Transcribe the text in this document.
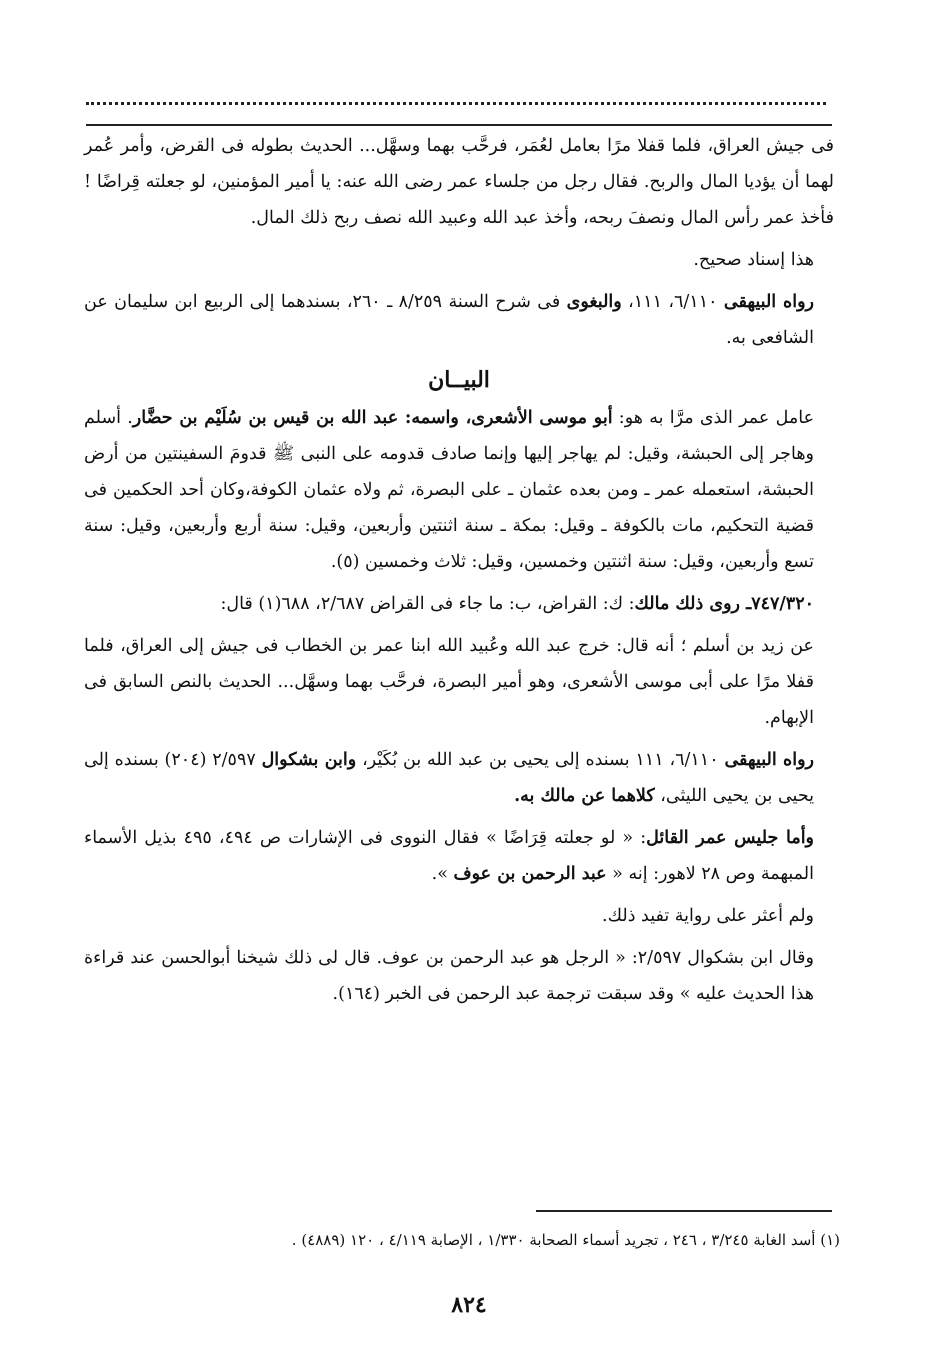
فى جيش العراق، فلما قفلا مرًا بعامل لعُمَر، فرحَّب بهما وسهَّل... الحديث بطوله فى القرض، وأمر عُمر لهما أن يؤديا المال والربح. فقال رجل من جلساء عمر رضى الله عنه: يا أمير المؤمنين، لو جعلته قِراضًا ! فأخذ عمر رأس المال ونصفَ ربحه، وأخذ عبد الله وعبيد الله نصف ربح ذلك المال.

هذا إسناد صحيح.

رواه البيهقى ٦/١١٠، ١١١، والبغوى فى شرح السنة ٨/٢٥٩ ـ ٢٦٠، بسندهما إلى الربيع ابن سليمان عن الشافعى به.

البيــان

عامل عمر الذى مرَّا به هو: أبو موسى الأشعرى، واسمه: عبد الله بن قيس بن سُلَيْم بن حضَّار. أسلم وهاجر إلى الحبشة، وقيل: لم يهاجر إليها وإنما صادف قدومه على النبى ﷺ قدومَ السفينتين من أرض الحبشة، استعمله عمر ـ ومن بعده عثمان ـ على البصرة، ثم ولاه عثمان الكوفة،وكان أحد الحكمين فى قضية التحكيم، مات بالكوفة ـ وقيل: بمكة ـ سنة اثنتين وأربعين، وقيل: سنة أربع وأربعين، وقيل: سنة تسع وأربعين، وقيل: سنة اثنتين وخمسين، وقيل: ثلاث وخمسين (٥).

٧٤٧/٣٢٠ـ روى ذلك مالك: ك: القراض، ب: ما جاء فى القراض ٢/٦٨٧، ٦٨٨(١) قال:

عن زيد بن أسلم ؛ أنه قال: خرج عبد الله وعُبيد الله ابنا عمر بن الخطاب فى جيش إلى العراق، فلما قفلا مرًا على أبى موسى الأشعرى، وهو أمير البصرة، فرحَّب بهما وسهَّل... الحديث بالنص السابق فى الإبهام.

رواه البيهقى ٦/١١٠، ١١١ بسنده إلى يحيى بن عبد الله بن بُكَيْر، وابن بشكوال ٢/٥٩٧ (٢٠٤) بسنده إلى يحيى بن يحيى الليثى، كلاهما عن مالك به.

وأما جليس عمر القائل: « لو جعلته قِرَاضًا » فقال النووى فى الإشارات ص ٤٩٤، ٤٩٥ بذيل الأسماء المبهمة وص ٢٨ لاهور: إنه « عبد الرحمن بن عوف ».

ولم أعثر على رواية تفيد ذلك.

وقال ابن بشكوال ٢/٥٩٧: « الرجل هو عبد الرحمن بن عوف. قال لى ذلك شيخنا أبوالحسن عند قراءة هذا الحديث عليه » وقد سبقت ترجمة عبد الرحمن فى الخبر (١٦٤).

(١) أسد الغابة ٣/٢٤٥ ، ٢٤٦ ، تجريد أسماء الصحابة ١/٣٣٠ ، الإصابة ٤/١١٩ ، ١٢٠ (٤٨٨٩) .
٨٢٤
